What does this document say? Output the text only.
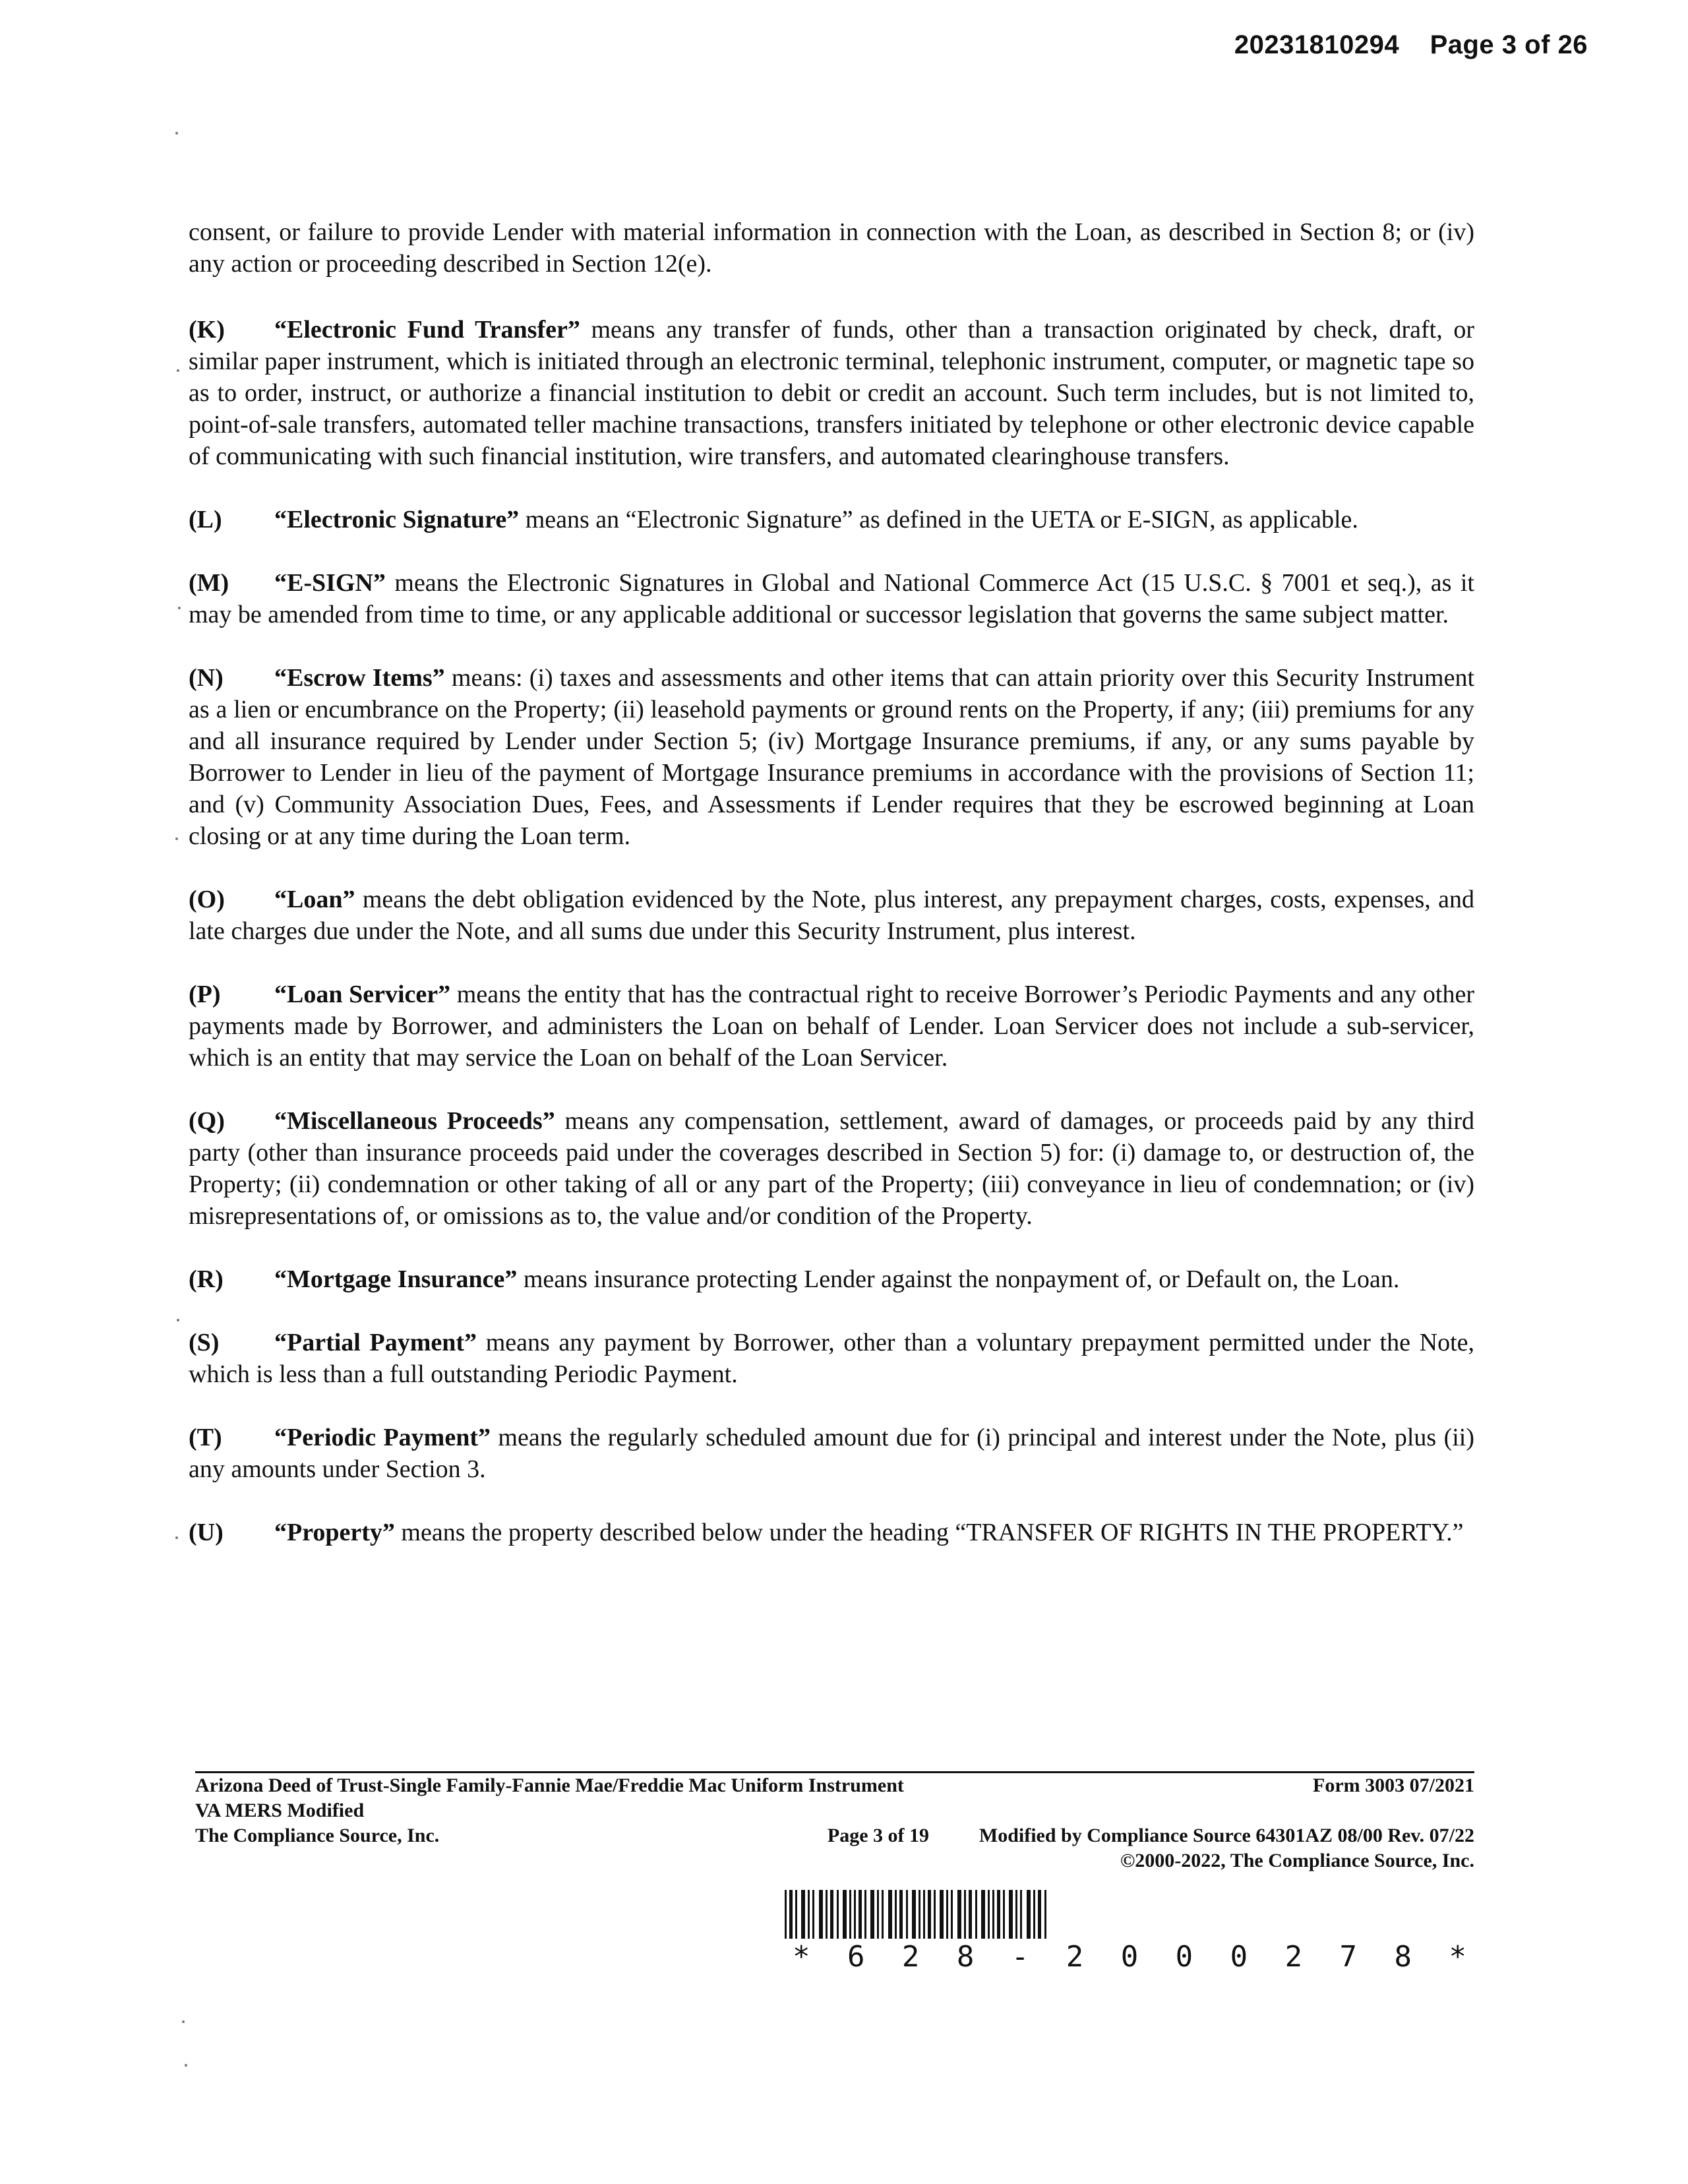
20231810294 Page 3 of 26

consent, or failure to provide Lender with material information in connection with the Loan, as described in Section 8; or (iv) any action or proceeding described in Section 12(e).

(K) “Electronic Fund Transfer” means any transfer of funds, other than a transaction originated by check, draft, or similar paper instrument, which is initiated through an electronic terminal, telephonic instrument, computer, or magnetic tape so as to order, instruct, or authorize a financial institution to debit or credit an account. Such term includes, but is not limited to, point-of-sale transfers, automated teller machine transactions, transfers initiated by telephone or other electronic device capable of communicating with such financial institution, wire transfers, and automated clearinghouse transfers.

(L) “Electronic Signature” means an “Electronic Signature” as defined in the UETA or E-SIGN, as applicable.

(M) “E-SIGN” means the Electronic Signatures in Global and National Commerce Act (15 U.S.C. § 7001 et seq.), as it may be amended from time to time, or any applicable additional or successor legislation that governs the same subject matter.

(N) “Escrow Items” means: (i) taxes and assessments and other items that can attain priority over this Security Instrument as a lien or encumbrance on the Property; (ii) leasehold payments or ground rents on the Property, if any; (iii) premiums for any and all insurance required by Lender under Section 5; (iv) Mortgage Insurance premiums, if any, or any sums payable by Borrower to Lender in lieu of the payment of Mortgage Insurance premiums in accordance with the provisions of Section 11; and (v) Community Association Dues, Fees, and Assessments if Lender requires that they be escrowed beginning at Loan closing or at any time during the Loan term.

(O) “Loan” means the debt obligation evidenced by the Note, plus interest, any prepayment charges, costs, expenses, and late charges due under the Note, and all sums due under this Security Instrument, plus interest.

(P) “Loan Servicer” means the entity that has the contractual right to receive Borrower’s Periodic Payments and any other payments made by Borrower, and administers the Loan on behalf of Lender. Loan Servicer does not include a sub-servicer, which is an entity that may service the Loan on behalf of the Loan Servicer.

(Q) “Miscellaneous Proceeds” means any compensation, settlement, award of damages, or proceeds paid by any third party (other than insurance proceeds paid under the coverages described in Section 5) for: (i) damage to, or destruction of, the Property; (ii) condemnation or other taking of all or any part of the Property; (iii) conveyance in lieu of condemnation; or (iv) misrepresentations of, or omissions as to, the value and/or condition of the Property.

(R) “Mortgage Insurance” means insurance protecting Lender against the nonpayment of, or Default on, the Loan.

(S) “Partial Payment” means any payment by Borrower, other than a voluntary prepayment permitted under the Note, which is less than a full outstanding Periodic Payment.

(T) “Periodic Payment” means the regularly scheduled amount due for (i) principal and interest under the Note, plus (ii) any amounts under Section 3.

(U) “Property” means the property described below under the heading “TRANSFER OF RIGHTS IN THE PROPERTY.”

Arizona Deed of Trust-Single Family-Fannie Mae/Freddie Mac Uniform Instrument	Form 3003 07/2021
VA MERS Modified
The Compliance Source, Inc.	Page 3 of 19	Modified by Compliance Source 64301AZ 08/00 Rev. 07/22
©2000-2022, The Compliance Source, Inc.
* 6 2 8 - 2 0 0 0 2 7 8 *
